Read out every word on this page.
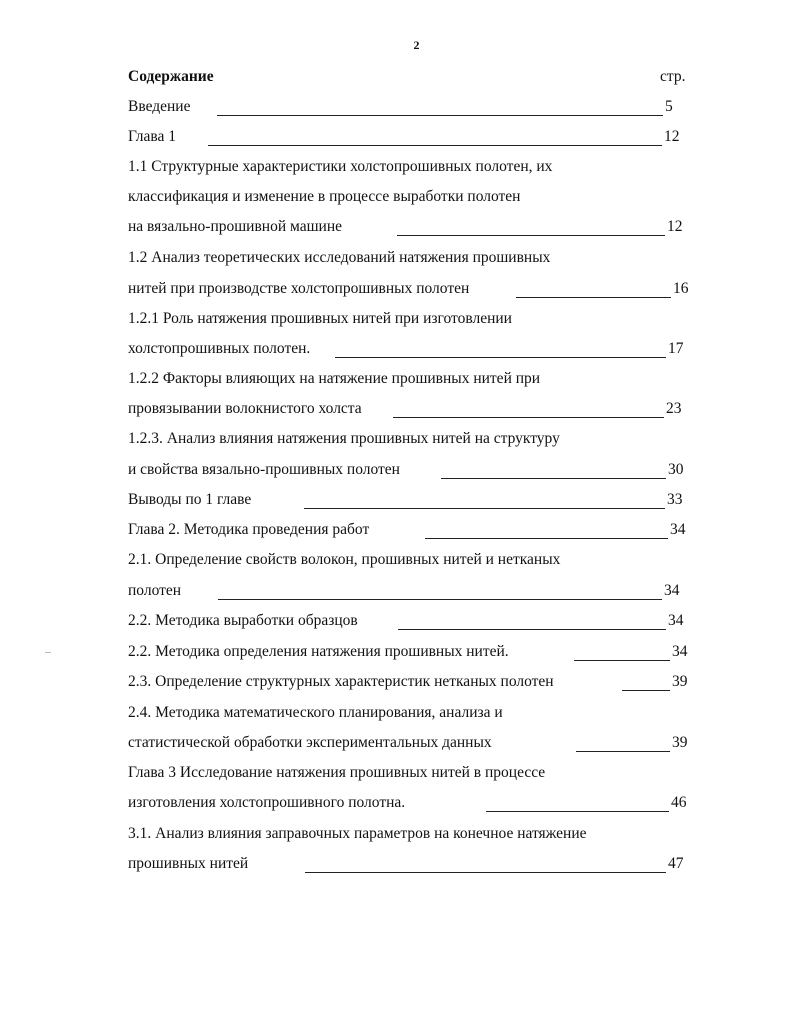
2
Содержание	стр.
Введение	5
Глава 1	12
1.1 Структурные характеристики холстопрошивных полотен, их
классификация и изменение в процессе выработки полотен
на вязально-прошивной машине	12
1.2 Анализ теоретических исследований натяжения прошивных
нитей при производстве холстопрошивных полотен	16
1.2.1 Роль натяжения прошивных нитей при изготовлении
холстопрошивных полотен.	17
1.2.2 Факторы влияющих на натяжение прошивных нитей при
провязывании волокнистого холста	23
1.2.3. Анализ влияния натяжения прошивных нитей на структуру
и свойства вязально-прошивных полотен	30
Выводы по 1 главе	33
Глава 2. Методика проведения работ	34
2.1. Определение свойств волокон, прошивных нитей и нетканых
полотен	34
2.2. Методика выработки образцов	34
2.2. Методика определения натяжения прошивных нитей.	34
2.3. Определение структурных характеристик нетканых полотен	39
2.4. Методика математического планирования, анализа и
статистической обработки экспериментальных данных	39
Глава 3 Исследование натяжения прошивных нитей в процессе
изготовления холстопрошивного полотна.	46
3.1. Анализ влияния заправочных параметров на конечное натяжение
прошивных нитей	47
